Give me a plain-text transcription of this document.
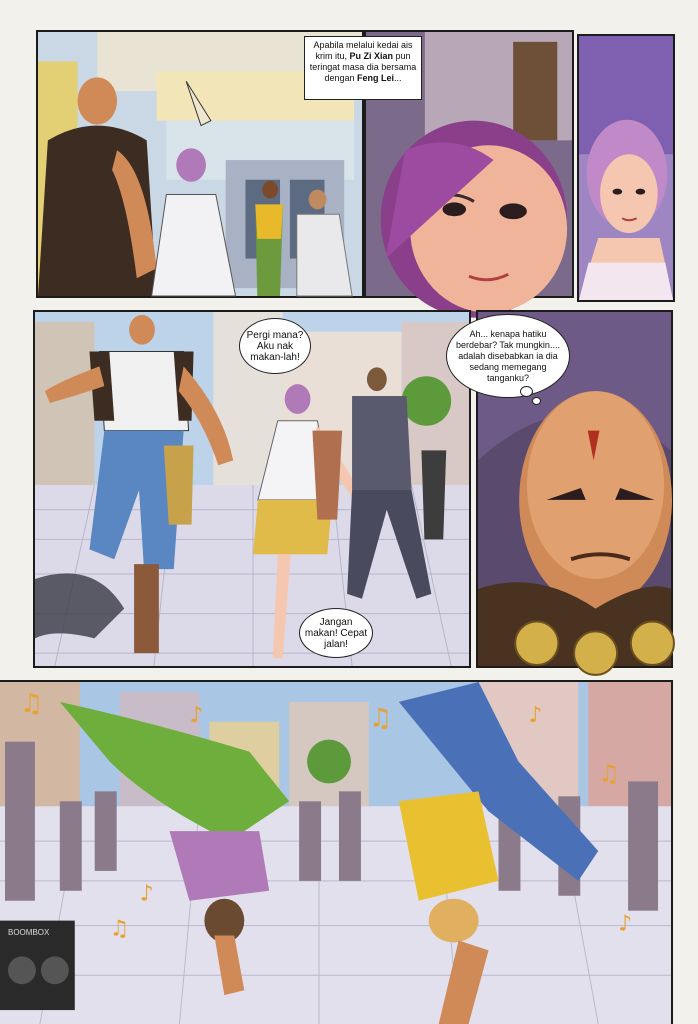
Apabila melalui kedai ais krim itu, Pu Zi Xian pun teringat masa dia bersama dengan Feng Lei...
Pergi mana? Aku nak makan-lah!
Jangan makan! Cepat jalan!
Ah... kenapa hatiku berdebar? Tak mungkin.... adalah disebabkan ia dia sedang memegang tanganku?
♫	♪	♫	♪
♫
♪
♫	♪
BOOMBOX
